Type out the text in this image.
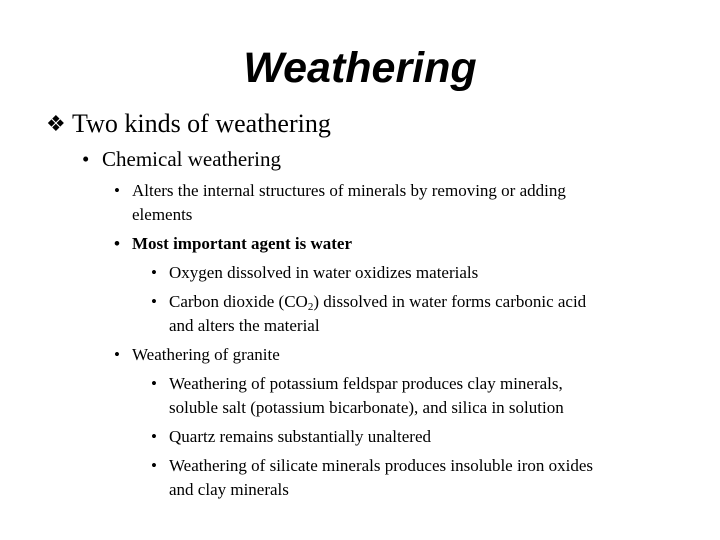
Weathering
❖ Two kinds of weathering
• Chemical weathering
• Alters the internal structures of minerals by removing or adding
elements
• Most important agent is water
• Oxygen dissolved in water oxidizes materials
• Carbon dioxide $(CO_2)$ dissolved in water forms carbonic acid
and alters the material
• Weathering of granite
• Weathering of potassium feldspar produces clay minerals,
soluble salt (potassium bicarbonate), and silica in solution
• Quartz remains substantially unaltered
• Weathering of silicate minerals produces insoluble iron oxides
and clay minerals
